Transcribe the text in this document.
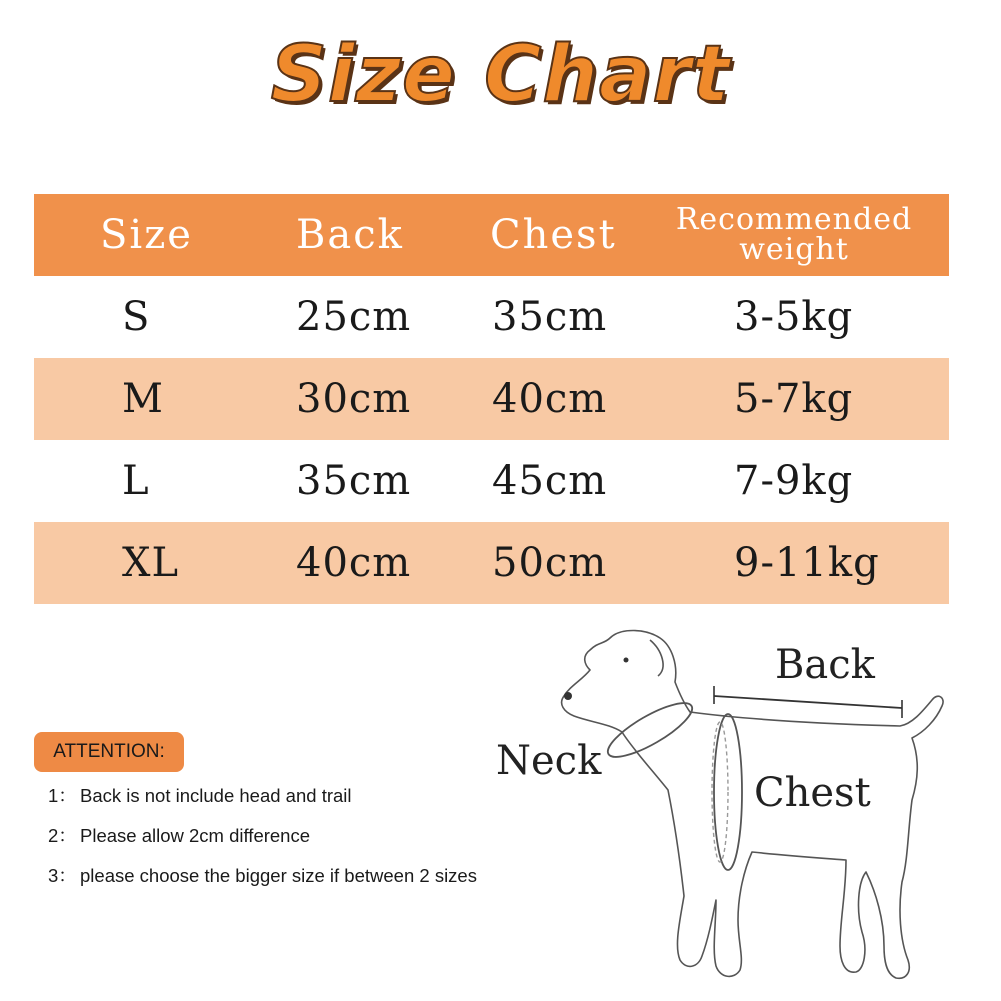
Size Chart
Size	Back Chest	Recommended
weight
S	25cm 35cm	3-5kg
M	30cm 40cm	5-7kg
L	35cm 45cm	7-9kg
XL	40cm 50cm	9-11kg
ATTENTION:
1： Back is not include head and trail
2： Please allow 2cm difference
3： please choose the bigger size if between 2 sizes
Back
Neck
Chest
